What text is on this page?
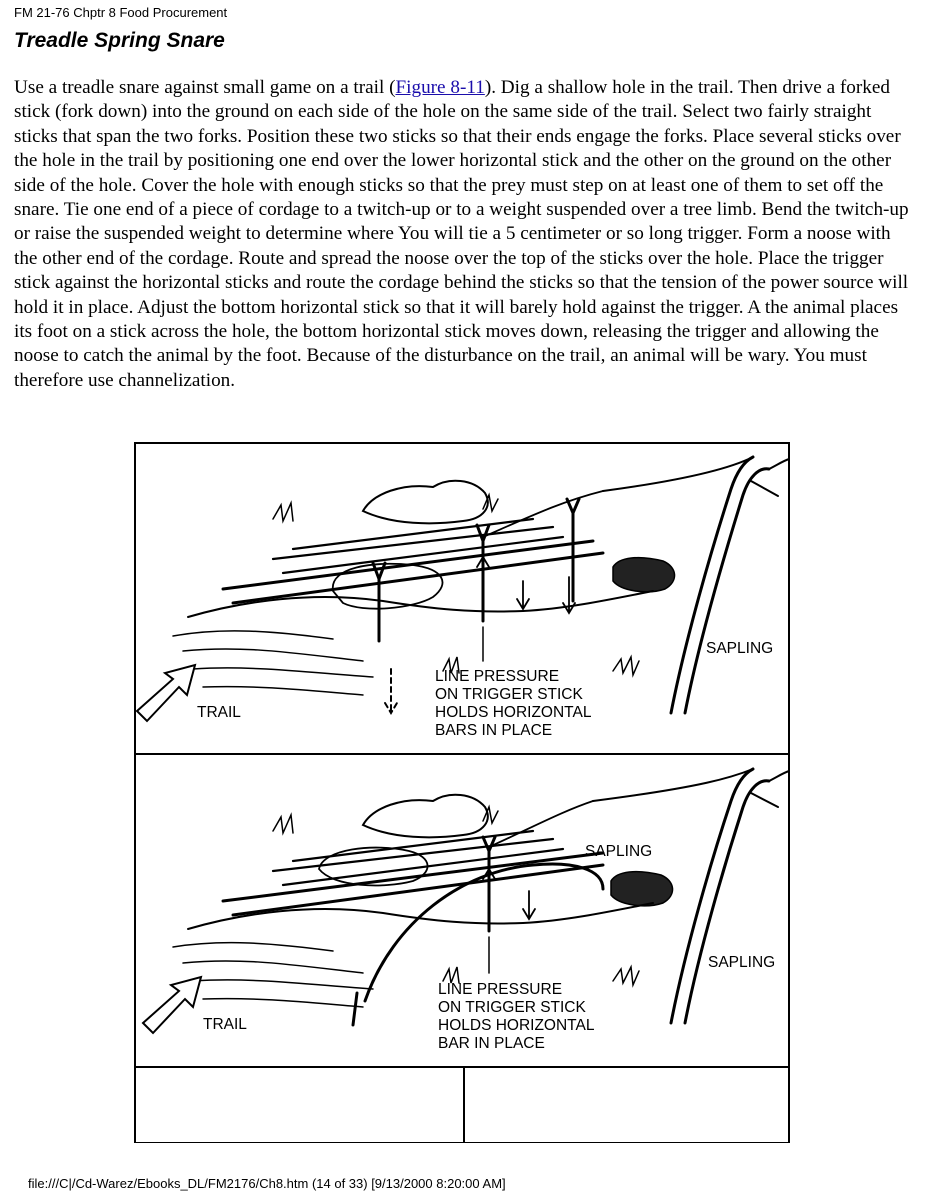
FM 21-76 Chptr 8 Food Procurement
Treadle Spring Snare

Use a treadle snare against small game on a trail (Figure 8-11). Dig a shallow hole in the trail. Then drive a forked stick (fork down) into the ground on each side of the hole on the same side of the trail. Select two fairly straight sticks that span the two forks. Position these two sticks so that their ends engage the forks. Place several sticks over the hole in the trail by positioning one end over the lower horizontal stick and the other on the ground on the other side of the hole. Cover the hole with enough sticks so that the prey must step on at least one of them to set off the snare. Tie one end of a piece of cordage to a twitch-up or to a weight suspended over a tree limb. Bend the twitch-up or raise the suspended weight to determine where You will tie a 5 centimeter or so long trigger. Form a noose with the other end of the cordage. Route and spread the noose over the top of the sticks over the hole. Place the trigger stick against the horizontal sticks and route the cordage behind the sticks so that the tension of the power source will hold it in place. Adjust the bottom horizontal stick so that it will barely hold against the trigger. A the animal places its foot on a stick across the hole, the bottom horizontal stick moves down, releasing the trigger and allowing the noose to catch the animal by the foot. Because of the disturbance on the trail, an animal will be wary. You must therefore use channelization.

SAPLING
TRAIL
LINE PRESSURE
ON TRIGGER STICK
HOLDS HORIZONTAL
BARS IN PLACE
SAPLING
SAPLING
TRAIL
LINE PRESSURE
ON TRIGGER STICK
HOLDS HORIZONTAL
BAR IN PLACE
file:///C|/Cd-Warez/Ebooks_DL/FM2176/Ch8.htm (14 of 33) [9/13/2000 8:20:00 AM]
